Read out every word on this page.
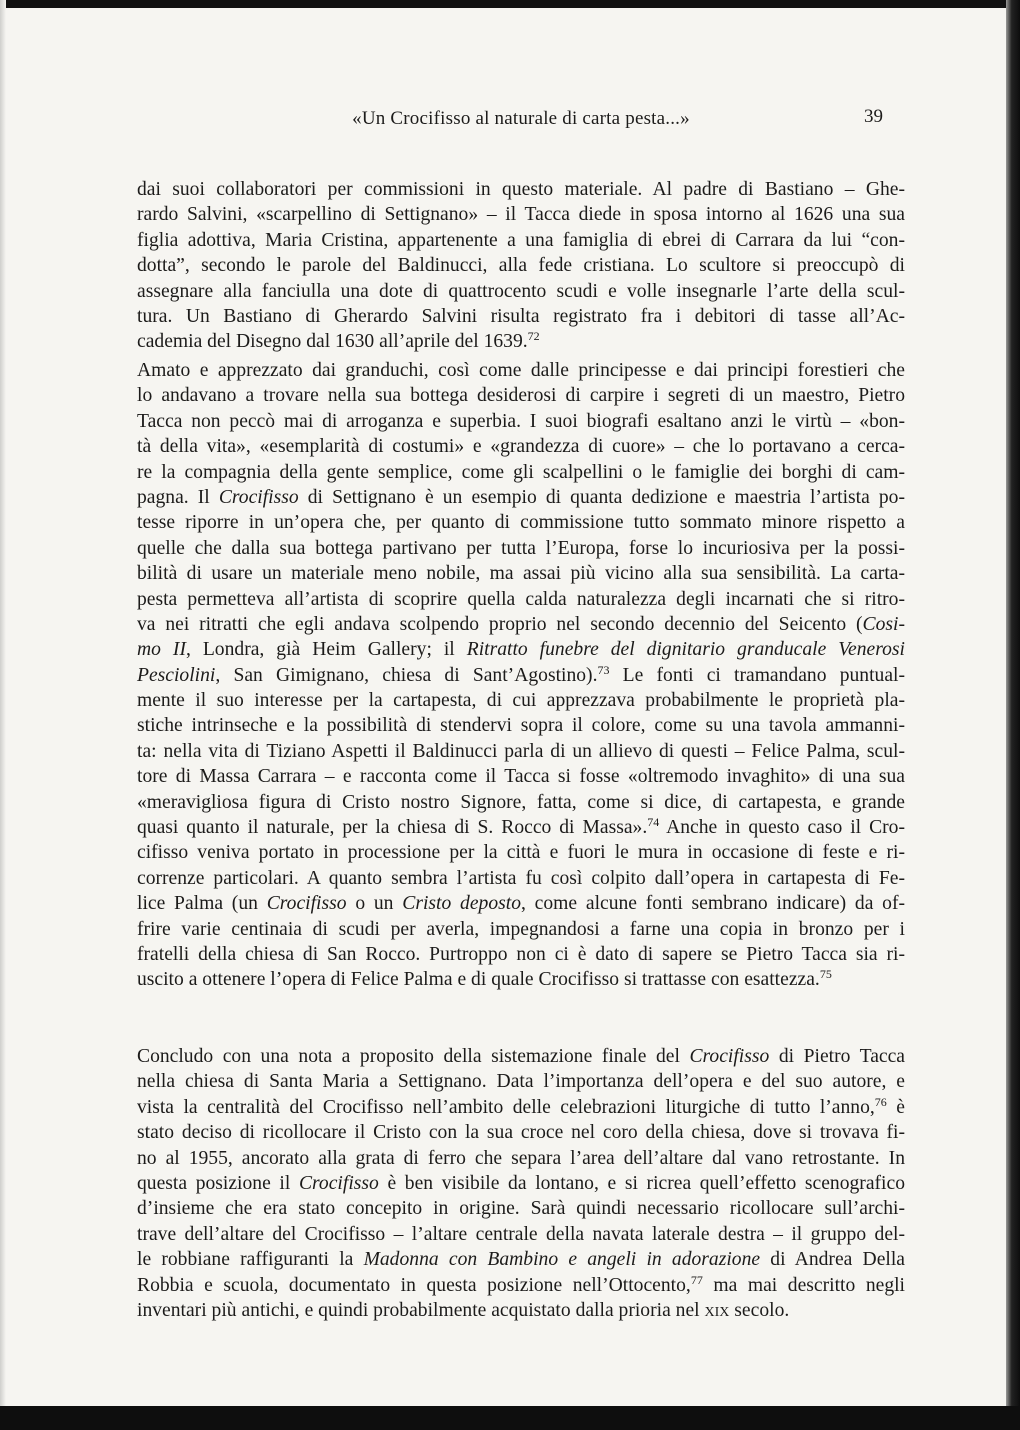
«Un Crocifisso al naturale di carta pesta...»	39
dai suoi collaboratori per commissioni in questo materiale. Al padre di Bastiano – Ghe-
rardo Salvini, «scarpellino di Settignano» – il Tacca diede in sposa intorno al 1626 una sua
figlia adottiva, Maria Cristina, appartenente a una famiglia di ebrei di Carrara da lui “con-
dotta”, secondo le parole del Baldinucci, alla fede cristiana. Lo scultore si preoccupò di
assegnare alla fanciulla una dote di quattrocento scudi e volle insegnarle l’arte della scul-
tura. Un Bastiano di Gherardo Salvini risulta registrato fra i debitori di tasse all’Ac-
cademia del Disegno dal 1630 all’aprile del 1639.72
Amato e apprezzato dai granduchi, così come dalle principesse e dai principi forestieri che
lo andavano a trovare nella sua bottega desiderosi di carpire i segreti di un maestro, Pietro
Tacca non peccò mai di arroganza e superbia. I suoi biografi esaltano anzi le virtù – «bon-
tà della vita», «esemplarità di costumi» e «grandezza di cuore» – che lo portavano a cerca-
re la compagnia della gente semplice, come gli scalpellini o le famiglie dei borghi di cam-
pagna. Il Crocifisso di Settignano è un esempio di quanta dedizione e maestria l’artista po-
tesse riporre in un’opera che, per quanto di commissione tutto sommato minore rispetto a
quelle che dalla sua bottega partivano per tutta l’Europa, forse lo incuriosiva per la possi-
bilità di usare un materiale meno nobile, ma assai più vicino alla sua sensibilità. La carta-
pesta permetteva all’artista di scoprire quella calda naturalezza degli incarnati che si ritro-
va nei ritratti che egli andava scolpendo proprio nel secondo decennio del Seicento (Cosi-
mo II, Londra, già Heim Gallery; il Ritratto funebre del dignitario granducale Venerosi
Pesciolini, San Gimignano, chiesa di Sant’Agostino).$^{73}$ Le fonti ci tramandano puntual-
mente il suo interesse per la cartapesta, di cui apprezzava probabilmente le proprietà pla-
stiche intrinseche e la possibilità di stendervi sopra il colore, come su una tavola ammanni-
ta: nella vita di Tiziano Aspetti il Baldinucci parla di un allievo di questi – Felice Palma, scul-
tore di Massa Carrara – e racconta come il Tacca si fosse «oltremodo invaghito» di una sua
«meravigliosa figura di Cristo nostro Signore, fatta, come si dice, di cartapesta, e grande
quasi quanto il naturale, per la chiesa di S. Rocco di Massa».$^{74}$ Anche in questo caso il Cro-
cifisso veniva portato in processione per la città e fuori le mura in occasione di feste e ri-
correnze particolari. A quanto sembra l’artista fu così colpito dall’opera in cartapesta di Fe-
lice Palma (un Crocifisso o un Cristo deposto, come alcune fonti sembrano indicare) da of-
frire varie centinaia di scudi per averla, impegnandosi a farne una copia in bronzo per i
fratelli della chiesa di San Rocco. Purtroppo non ci è dato di sapere se Pietro Tacca sia ri-
uscito a ottenere l’opera di Felice Palma e di quale Crocifisso si trattasse con esattezza.$^{75}$
Concludo con una nota a proposito della sistemazione finale del Crocifisso di Pietro Tacca
nella chiesa di Santa Maria a Settignano. Data l’importanza dell’opera e del suo autore, e
vista la centralità del Crocifisso nell’ambito delle celebrazioni liturgiche di tutto l’anno,$^{76}$ è
stato deciso di ricollocare il Cristo con la sua croce nel coro della chiesa, dove si trovava fi-
no al 1955, ancorato alla grata di ferro che separa l’area dell’altare dal vano retrostante. In
questa posizione il Crocifisso è ben visibile da lontano, e si ricrea quell’effetto scenografico
d’insieme che era stato concepito in origine. Sarà quindi necessario ricollocare sull’archi-
trave dell’altare del Crocifisso – l’altare centrale della navata laterale destra – il gruppo del-
le robbiane raffiguranti la Madonna con Bambino e angeli in adorazione di Andrea Della
Robbia e scuola, documentato in questa posizione nell’Ottocento,$^{77}$ ma mai descritto negli
inventari più antichi, e quindi probabilmente acquistato dalla prioria nel xix secolo.
